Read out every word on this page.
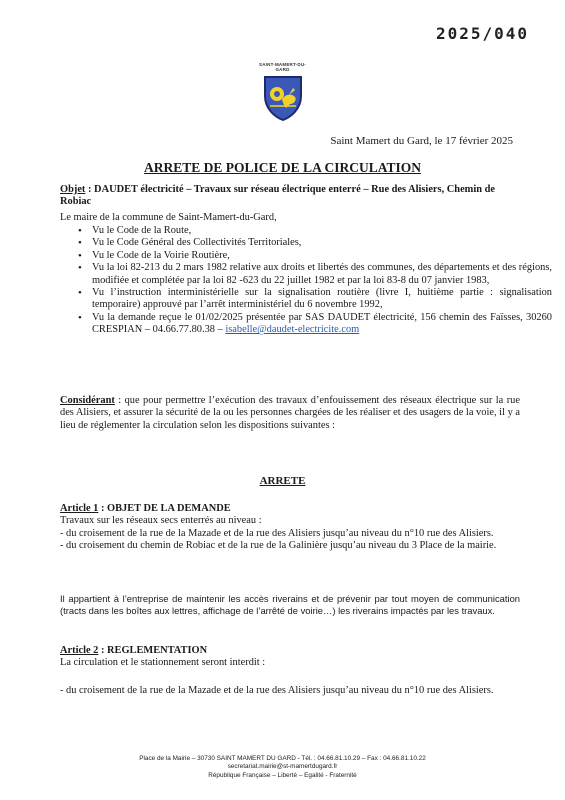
2025/040
SAINT-MAMERT-DU-GARD
Saint Mamert du Gard, le 17 février 2025
ARRETE DE POLICE DE LA CIRCULATION
Objet : DAUDET électricité – Travaux sur réseau électrique enterré – Rue des Alisiers, Chemin de Robiac
Le maire de la commune de Saint-Mamert-du-Gard,
• Vu le Code de la Route,
• Vu le Code Général des Collectivités Territoriales,
• Vu le Code de la Voirie Routière,
• Vu la loi 82-213 du 2 mars 1982 relative aux droits et libertés des communes, des départements et des régions, modifiée et complétée par la loi 82 -623 du 22 juillet 1982 et par la loi 83-8 du 07 janvier 1983,
• Vu l’instruction interministérielle sur la signalisation routière (livre I, huitième partie : signalisation temporaire) approuvé par l’arrêt interministériel du 6 novembre 1992,
• Vu la demande reçue le 01/02/2025 présentée par SAS DAUDET électricité, 156 chemin des Faïsses, 30260 CRESPIAN – 04.66.77.80.38 – isabelle@daudet-electricite.com
Considérant : que pour permettre l’exécution des travaux d’enfouissement des réseaux électrique sur la rue des Alisiers, et assurer la sécurité de la ou les personnes chargées de les réaliser et des usagers de la voie, il y a lieu de réglementer la circulation selon les dispositions suivantes :
ARRETE
Article 1 : OBJET DE LA DEMANDE
Travaux sur les réseaux secs enterrés au niveau :
- du croisement de la rue de la Mazade et de la rue des Alisiers jusqu’au niveau du n°10 rue des Alisiers.
- du croisement du chemin de Robiac et de la rue de la Galinière jusqu’au niveau du 3 Place de la mairie.
Il appartient à l’entreprise de maintenir les accès riverains et de prévenir par tout moyen de communication (tracts dans les boîtes aux lettres, affichage de l’arrêté de voirie…) les riverains impactés par les travaux.
Article 2 : REGLEMENTATION
La circulation et le stationnement seront interdit :
- du croisement de la rue de la Mazade et de la rue des Alisiers jusqu’au niveau du n°10 rue des Alisiers.
Place de la Mairie – 30730 SAINT MAMERT DU GARD - Tél. : 04.66.81.10.29 – Fax : 04.66.81.10.22
secretariat.mairie@st-mamertdugard.fr
République Française – Liberté – Egalité - Fraternité
